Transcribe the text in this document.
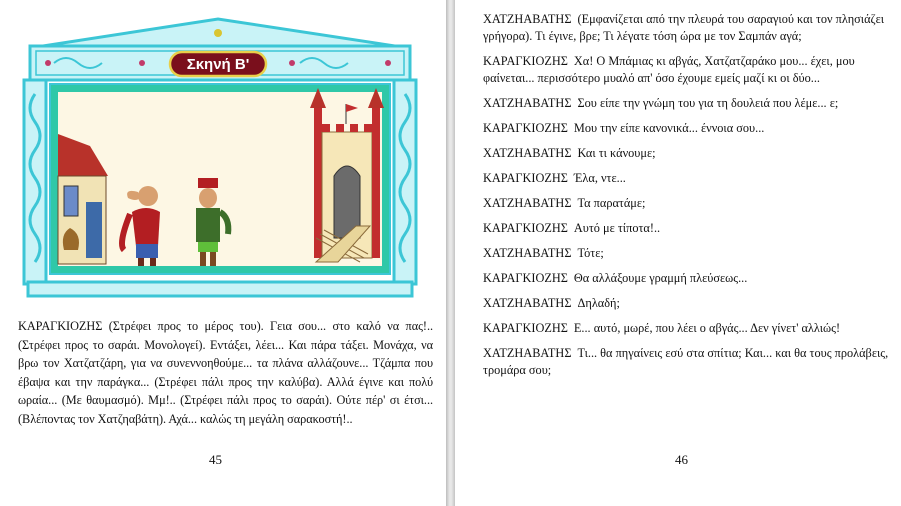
Σκηνή Β'

ΚΑΡΑΓΚΙΟΖΗΣ (Στρέφει προς το μέρος του). Γεια σου... στο καλό να πας!.. (Στρέφει προς το σαράι. Μονολογεί). Εντάξει, λέει... Και πάρα τάξει. Μονάχα, να βρω τον Χατζατζάρη, για να συνεννοηθούμε... τα πλάνα αλλάζουνε... Τζάμπα που έβαψα και την παράγκα... (Στρέφει πάλι προς την καλύβα). Αλλά έγινε και πολύ ωραία... (Με θαυμασμό). Μμ!.. (Στρέφει πάλι προς το σαράι). Ούτε πέρ' σι έτσι... (Βλέποντας τον Χατζηαβάτη). Αχά... καλώς τη μεγάλη σαρακοστή!..

45
ΧΑΤΖΗΑΒΑΤΗΣ (Εμφανίζεται από την πλευρά του σαραγιού και τον πλησιάζει γρήγορα). Τι έγινε, βρε; Τι λέγατε τόση ώρα με τον Σαμπάν αγά;
ΚΑΡΑΓΚΙΟΖΗΣ Χα! Ο Μπάμιας κι αβγάς, Χατζατζαράκο μου... έχει, μου φαίνεται... περισσότερο μυαλό απ' όσο έχουμε εμείς μαζί κι οι δύο...
ΧΑΤΖΗΑΒΑΤΗΣ Σου είπε την γνώμη του για τη δουλειά που λέμε... ε;
ΚΑΡΑΓΚΙΟΖΗΣ Μου την είπε κανονικά... έννοια σου...
ΧΑΤΖΗΑΒΑΤΗΣ Και τι κάνουμε;
ΚΑΡΑΓΚΙΟΖΗΣ Έλα, ντε...
ΧΑΤΖΗΑΒΑΤΗΣ Τα παρατάμε;
ΚΑΡΑΓΚΙΟΖΗΣ Αυτό με τίποτα!..
ΧΑΤΖΗΑΒΑΤΗΣ Τότε;
ΚΑΡΑΓΚΙΟΖΗΣ Θα αλλάξουμε γραμμή πλεύσεως...
ΧΑΤΖΗΑΒΑΤΗΣ Δηλαδή;
ΚΑΡΑΓΚΙΟΖΗΣ Ε... αυτό, μωρέ, που λέει ο αβγάς... Δεν γίνετ' αλλιώς!
ΧΑΤΖΗΑΒΑΤΗΣ Τι... θα πηγαίνεις εσύ στα σπίτια; Και... και θα τους προλάβεις, τρομάρα σου;
46
